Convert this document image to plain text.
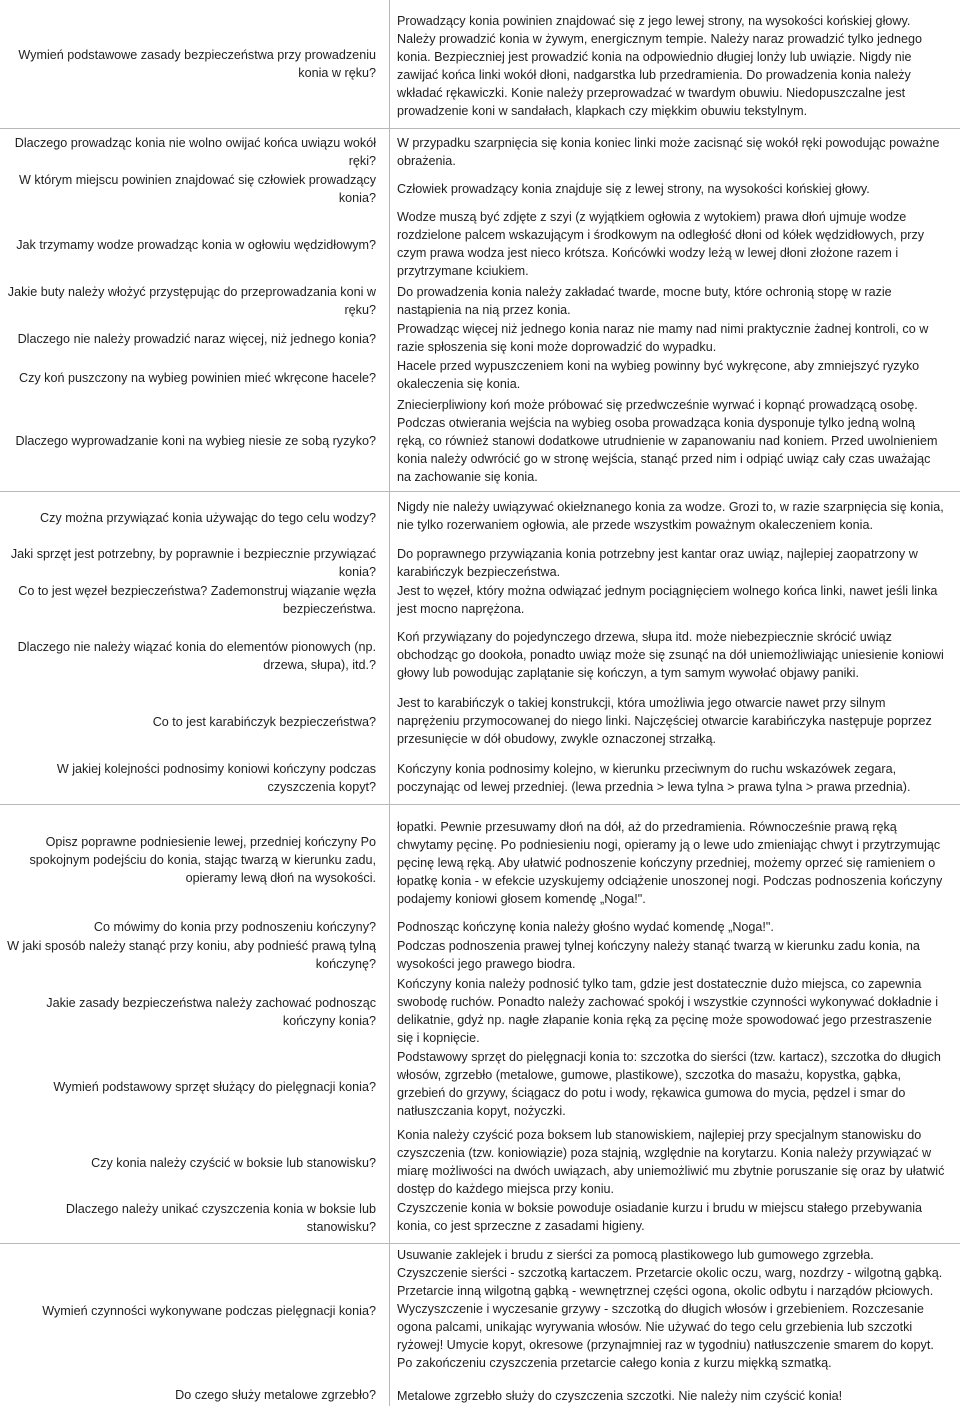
Wymień podstawowe zasady bezpieczeństwa przy prowadzeniu konia w ręku?
Prowadzący konia powinien znajdować się z jego lewej strony, na wysokości końskiej głowy. Należy prowadzić konia w żywym, energicznym tempie. Należy naraz prowadzić tylko jednego konia. Bezpieczniej jest prowadzić konia na odpowiednio długiej lonży lub uwiązie. Nigdy nie zawijać końca linki wokół dłoni, nadgarstka lub przedramienia. Do prowadzenia konia należy wkładać rękawiczki. Konie należy przeprowadzać w twardym obuwiu. Niedopuszczalne jest prowadzenie koni w sandałach, klapkach czy miękkim obuwiu tekstylnym.
Dlaczego prowadząc konia nie wolno owijać końca uwiązu wokół ręki?
W którym miejscu powinien znajdować się człowiek prowadzący konia?
Jak trzymamy wodze prowadząc konia w ogłowiu wędzidłowym?
Jakie buty należy włożyć przystępując do przeprowadzania koni w ręku?
Dlaczego nie należy prowadzić naraz więcej, niż jednego konia?
Czy koń puszczony na wybieg powinien mieć wkręcone hacele?
Dlaczego wyprowadzanie koni na wybieg niesie ze sobą ryzyko?
W przypadku szarpnięcia się konia koniec linki może zacisnąć się wokół ręki powodując poważne obrażenia.
Człowiek prowadzący konia znajduje się z lewej strony, na wysokości końskiej głowy.
Wodze muszą być zdjęte z szyi (z wyjątkiem ogłowia z wytokiem) prawa dłoń ujmuje wodze rozdzielone palcem wskazującym i środkowym na odległość dłoni od kółek wędzidłowych, przy czym prawa wodza jest nieco krótsza. Końcówki wodzy leżą w lewej dłoni złożone razem i przytrzymane kciukiem.
Do prowadzenia konia należy zakładać twarde, mocne buty, które ochronią stopę w razie nastąpienia na nią przez konia.
Prowadząc więcej niż jednego konia naraz nie mamy nad nimi praktycznie żadnej kontroli, co w razie spłoszenia się koni może doprowadzić do wypadku.
Hacele przed wypuszczeniem koni na wybieg powinny być wykręcone, aby zmniejszyć ryzyko okaleczenia się konia.
Zniecierpliwiony koń może próbować się przedwcześnie wyrwać i kopnąć prowadzącą osobę. Podczas otwierania wejścia na wybieg osoba prowadząca konia dysponuje tylko jedną wolną ręką, co również stanowi dodatkowe utrudnienie w zapanowaniu nad koniem. Przed uwolnieniem konia należy odwrócić go w stronę wejścia, stanąć przed nim i odpiąć uwiąz cały czas uważając na zachowanie się konia.
Czy można przywiązać konia używając do tego celu wodzy?
Jaki sprzęt jest potrzebny, by poprawnie i bezpiecznie przywiązać konia?
Co to jest węzeł bezpieczeństwa? Zademonstruj wiązanie węzła bezpieczeństwa.
Dlaczego nie należy wiązać konia do elementów pionowych (np. drzewa, słupa), itd.?
Co to jest karabińczyk bezpieczeństwa?
W jakiej kolejności podnosimy koniowi kończyny podczas czyszczenia kopyt?
Nigdy nie należy uwiązywać okiełznanego konia za wodze. Grozi to, w razie szarpnięcia się konia, nie tylko rozerwaniem ogłowia, ale przede wszystkim poważnym okaleczeniem konia.
Do poprawnego przywiązania konia potrzebny jest kantar oraz uwiąz, najlepiej zaopatrzony w karabińczyk bezpieczeństwa.
Jest to węzeł, który można odwiązać jednym pociągnięciem wolnego końca linki, nawet jeśli linka jest mocno naprężona.
Koń przywiązany do pojedynczego drzewa, słupa itd. może niebezpiecznie skrócić uwiąz obchodząc go dookoła, ponadto uwiąz może się zsunąć na dół uniemożliwiając uniesienie koniowi głowy lub powodując zaplątanie się kończyn, a tym samym wywołać objawy paniki.
Jest to karabińczyk o takiej konstrukcji, która umożliwia jego otwarcie nawet przy silnym naprężeniu przymocowanej do niego linki. Najczęściej otwarcie karabińczyka następuje poprzez przesunięcie w dół obudowy, zwykle oznaczonej strzałką.
Kończyny konia podnosimy kolejno, w kierunku przeciwnym do ruchu wskazówek zegara, poczynając od lewej przedniej. (lewa przednia > lewa tylna > prawa tylna > prawa przednia).
Opisz poprawne podniesienie lewej, przedniej kończyny Po spokojnym podejściu do konia, stając twarzą w kierunku zadu, opieramy lewą dłoń na wysokości.
Co mówimy do konia przy podnoszeniu kończyny?
W jaki sposób należy stanąć przy koniu, aby podnieść prawą tylną kończynę?
Jakie zasady bezpieczeństwa należy zachować podnosząc kończyny konia?
Wymień podstawowy sprzęt służący do pielęgnacji konia?
Czy konia należy czyścić w boksie lub stanowisku?
Dlaczego należy unikać czyszczenia konia w boksie lub stanowisku?
Wymień czynności wykonywane podczas pielęgnacji konia?
Do czego służy metalowe zgrzebło?
łopatki. Pewnie przesuwamy dłoń na dół, aż do przedramienia. Równocześnie prawą ręką chwytamy pęcinę. Po podniesieniu nogi, opieramy ją o lewe udo zmieniając chwyt i przytrzymując pęcinę lewą ręką. Aby ułatwić podnoszenie kończyny przedniej, możemy oprzeć się ramieniem o łopatkę konia - w efekcie uzyskujemy odciążenie unoszonej nogi. Podczas podnoszenia kończyny podajemy koniowi głosem komendę „Noga!".
Podnosząc kończynę konia należy głośno wydać komendę „Noga!".
Podczas podnoszenia prawej tylnej kończyny należy stanąć twarzą w kierunku zadu konia, na wysokości jego prawego biodra.
Kończyny konia należy podnosić tylko tam, gdzie jest dostatecznie dużo miejsca, co zapewnia swobodę ruchów. Ponadto należy zachować spokój i wszystkie czynności wykonywać dokładnie i delikatnie, gdyż np. nagłe złapanie konia ręką za pęcinę może spowodować jego przestraszenie się i kopnięcie.
Podstawowy sprzęt do pielęgnacji konia to: szczotka do sierści (tzw. kartacz), szczotka do długich włosów, zgrzebło (metalowe, gumowe, plastikowe), szczotka do masażu, kopystka, gąbka, grzebień do grzywy, ściągacz do potu i wody, rękawica gumowa do mycia, pędzel i smar do natłuszczania kopyt, nożyczki.
Konia należy czyścić poza boksem lub stanowiskiem, najlepiej przy specjalnym stanowisku do czyszczenia (tzw. koniowiązie) poza stajnią, względnie na korytarzu. Konia należy przywiązać w miarę możliwości na dwóch uwiązach, aby uniemożliwić mu zbytnie poruszanie się oraz by ułatwić dostęp do każdego miejsca przy koniu.
Czyszczenie konia w boksie powoduje osiadanie kurzu i brudu w miejscu stałego przebywania konia, co jest sprzeczne z zasadami higieny.
Usuwanie zaklejek i brudu z sierści za pomocą plastikowego lub gumowego zgrzebła. Czyszczenie sierści - szczotką kartaczem. Przetarcie okolic oczu, warg, nozdrzy - wilgotną gąbką. Przetarcie inną wilgotną gąbką - wewnętrznej części ogona, okolic odbytu i narządów płciowych. Wyczyszczenie i wyczesanie grzywy - szczotką do długich włosów i grzebieniem. Rozczesanie ogona palcami, unikając wyrywania włosów. Nie używać do tego celu grzebienia lub szczotki ryżowej! Umycie kopyt, okresowe (przynajmniej raz w tygodniu) natłuszczenie smarem do kopyt. Po zakończeniu czyszczenia przetarcie całego konia z kurzu miękką szmatką.
Metalowe zgrzebło służy do czyszczenia szczotki. Nie należy nim czyścić konia!
